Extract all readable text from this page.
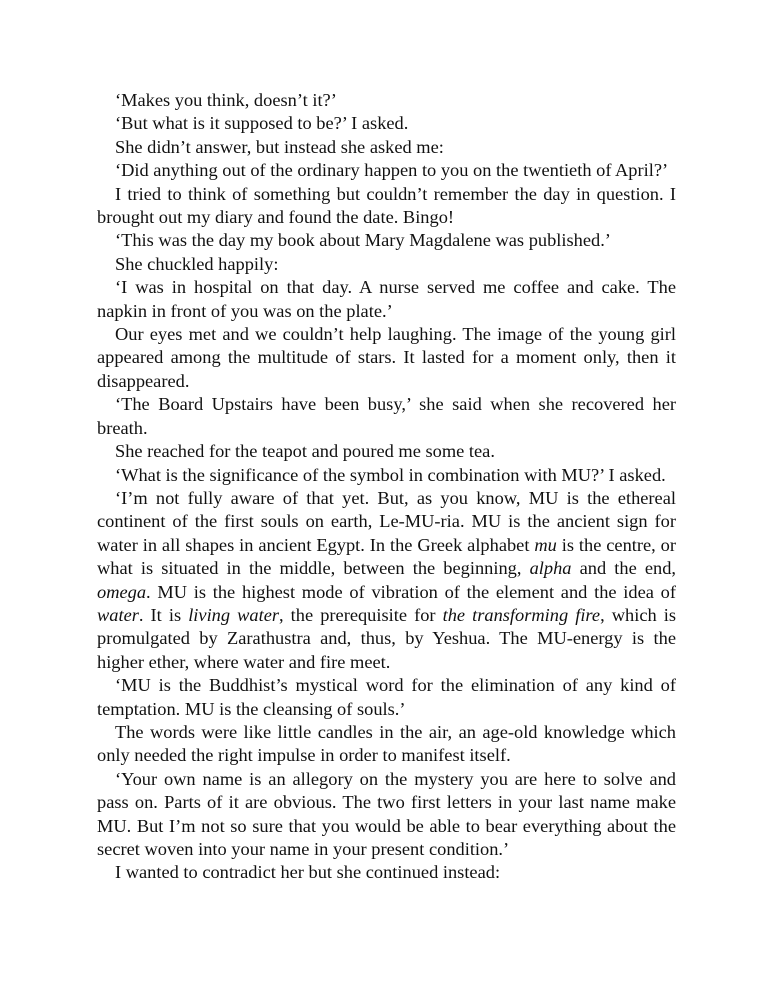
‘Makes you think, doesn’t it?’

‘But what is it supposed to be?’ I asked.

She didn’t answer, but instead she asked me:

‘Did anything out of the ordinary happen to you on the twentieth of April?’

I tried to think of something but couldn’t remember the day in question. I brought out my diary and found the date. Bingo!

‘This was the day my book about Mary Magdalene was published.’

She chuckled happily:

‘I was in hospital on that day. A nurse served me coffee and cake. The napkin in front of you was on the plate.’

Our eyes met and we couldn’t help laughing. The image of the young girl appeared among the multitude of stars. It lasted for a moment only, then it disappeared.

‘The Board Upstairs have been busy,’ she said when she recovered her breath.

She reached for the teapot and poured me some tea.

‘What is the significance of the symbol in combination with MU?’ I asked.

‘I’m not fully aware of that yet. But, as you know, MU is the ethereal continent of the first souls on earth, Le-MU-ria. MU is the ancient sign for water in all shapes in ancient Egypt. In the Greek alphabet mu is the centre, or what is situated in the middle, between the beginning, alpha and the end, omega. MU is the highest mode of vibration of the element and the idea of water. It is living water, the prerequisite for the transforming fire, which is promulgated by Zarathustra and, thus, by Yeshua. The MU-energy is the higher ether, where water and fire meet.

‘MU is the Buddhist’s mystical word for the elimination of any kind of temptation. MU is the cleansing of souls.’

The words were like little candles in the air, an age-old knowledge which only needed the right impulse in order to manifest itself.

‘Your own name is an allegory on the mystery you are here to solve and pass on. Parts of it are obvious. The two first letters in your last name make MU. But I’m not so sure that you would be able to bear everything about the secret woven into your name in your present condition.’

I wanted to contradict her but she continued instead:
